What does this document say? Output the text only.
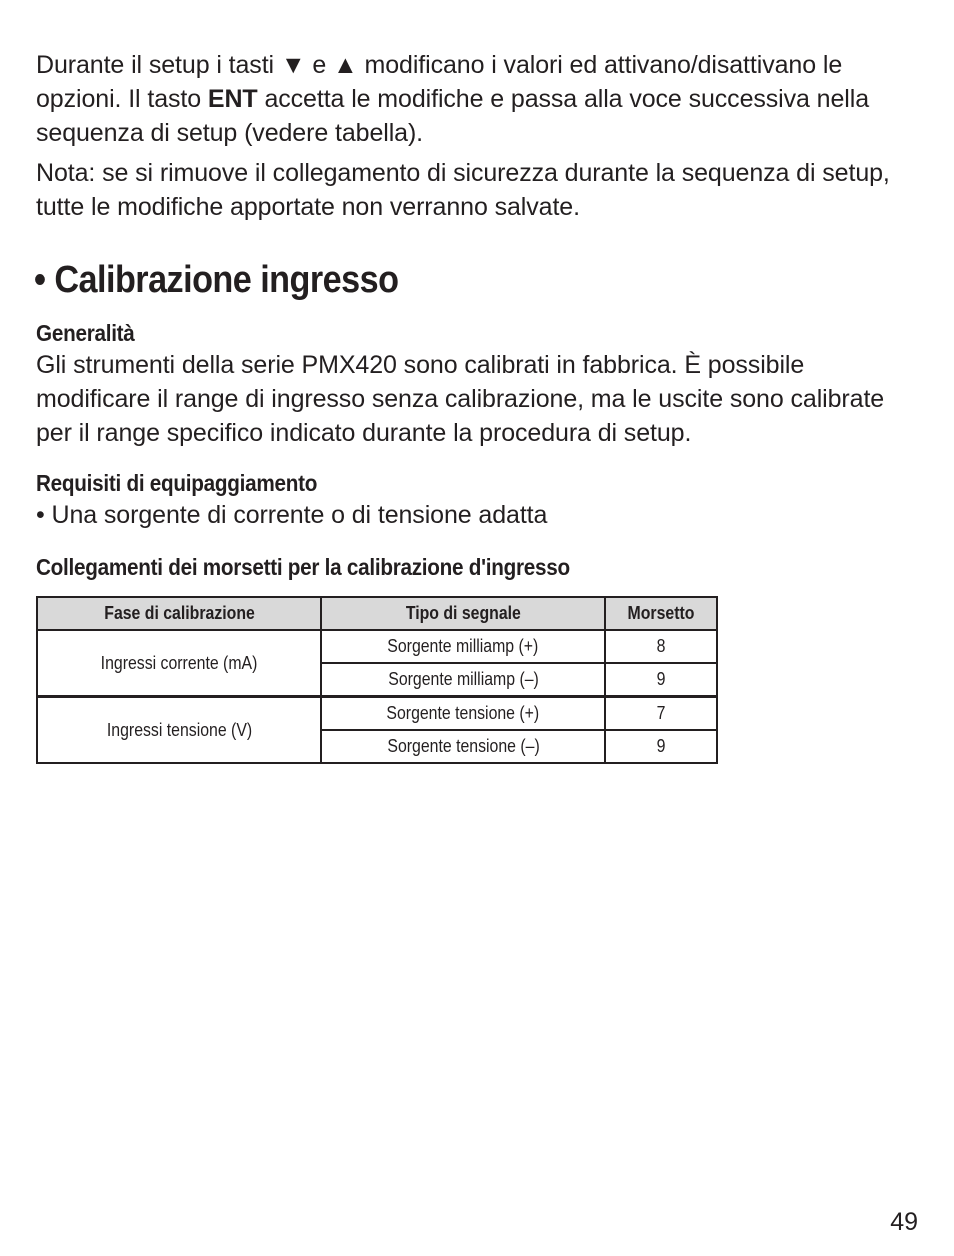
Durante il setup i tasti ▼ e ▲ modificano i valori ed attivano/disattivano le opzioni. Il tasto ENT accetta le modifiche e passa alla voce successiva nella sequenza di setup (vedere tabella).

Nota: se si rimuove il collegamento di sicurezza durante la sequenza di setup, tutte le modifiche apportate non verranno salvate.

• Calibrazione ingresso
Generalità

Gli strumenti della serie PMX420 sono calibrati in fabbrica. È possibile modificare il range di ingresso senza calibrazione, ma le uscite sono calibrate per il range specifico indicato durante la procedura di setup.

Requisiti di equipaggiamento

• Una sorgente di corrente o di tensione adatta

Collegamenti dei morsetti per la calibrazione d'ingresso
Fase di calibrazione	Tipo di segnale	Morsetto
Ingressi corrente (mA)	Sorgente milliamp (+)	8
	Sorgente milliamp (–)	9
Ingressi tensione (V)	Sorgente tensione (+)	7
	Sorgente tensione (–)	9
49
